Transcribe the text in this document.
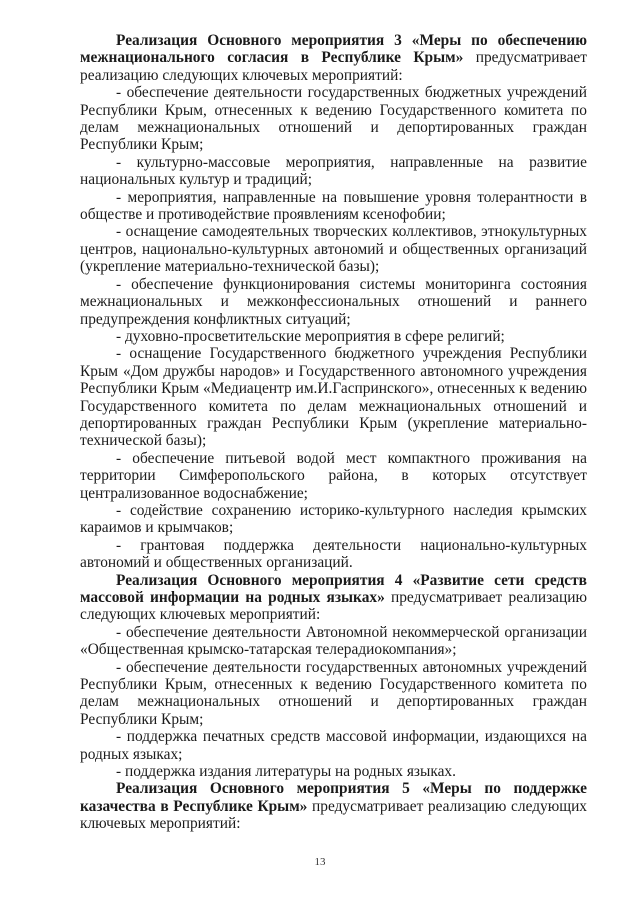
Реализация Основного мероприятия 3 «Меры по обеспечению межнационального согласия в Республике Крым» предусматривает реализацию следующих ключевых мероприятий:

- обеспечение деятельности государственных бюджетных учреждений Республики Крым, отнесенных к ведению Государственного комитета по делам межнациональных отношений и депортированных граждан Республики Крым;

- культурно-массовые мероприятия, направленные на развитие национальных культур и традиций;

- мероприятия, направленные на повышение уровня толерантности в обществе и противодействие проявлениям ксенофобии;

- оснащение самодеятельных творческих коллективов, этнокультурных центров, национально-культурных автономий и общественных организаций (укрепление материально-технической базы);

- обеспечение функционирования системы мониторинга состояния межнациональных и межконфессиональных отношений и раннего предупреждения конфликтных ситуаций;

- духовно-просветительские мероприятия в сфере религий;

- оснащение Государственного бюджетного учреждения Республики Крым «Дом дружбы народов» и Государственного автономного учреждения Республики Крым «Медиацентр им.И.Гаспринского», отнесенных к ведению Государственного комитета по делам межнациональных отношений и депортированных граждан Республики Крым (укрепление материально-технической базы);

- обеспечение питьевой водой мест компактного проживания на территории Симферопольского района, в которых отсутствует централизованное водоснабжение;

- содействие сохранению историко-культурного наследия крымских караимов и крымчаков;

- грантовая поддержка деятельности национально-культурных автономий и общественных организаций.

Реализация Основного мероприятия 4 «Развитие сети средств массовой информации на родных языках» предусматривает реализацию следующих ключевых мероприятий:

- обеспечение деятельности Автономной некоммерческой организации «Общественная крымско-татарская телерадиокомпания»;

- обеспечение деятельности государственных автономных учреждений Республики Крым, отнесенных к ведению Государственного комитета по делам межнациональных отношений и депортированных граждан Республики Крым;

- поддержка печатных средств массовой информации, издающихся на родных языках;

- поддержка издания литературы на родных языках.

Реализация Основного мероприятия 5 «Меры по поддержке казачества в Республике Крым» предусматривает реализацию следующих ключевых мероприятий:

13
